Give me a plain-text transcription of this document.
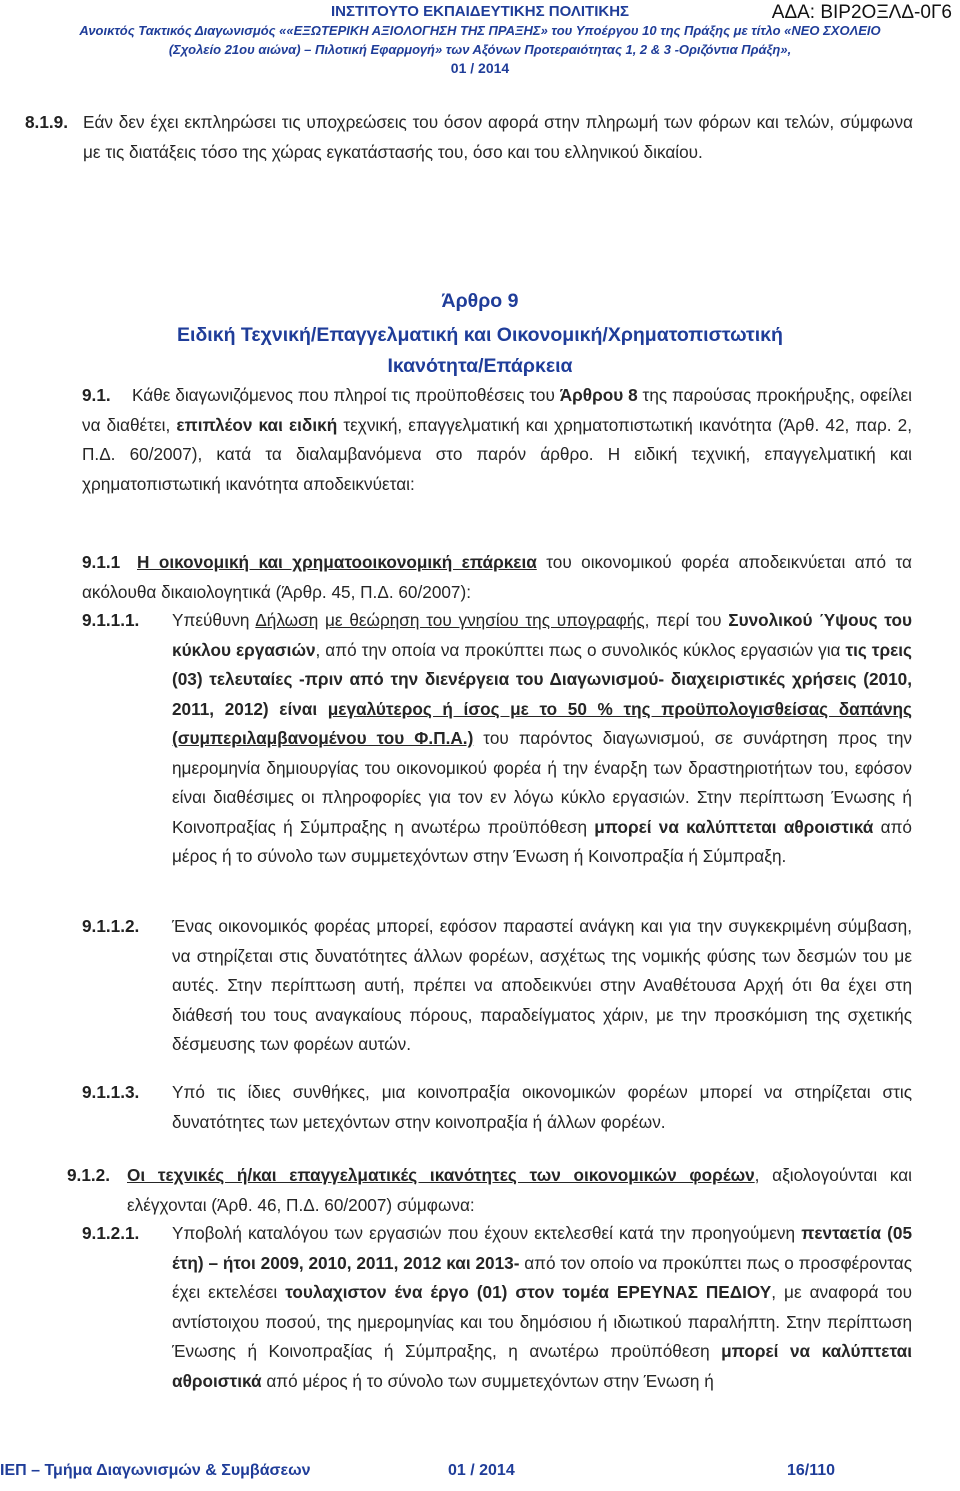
ΑΔΑ: ΒΙΡ2ΟΞΛΔ-0Γ6
ΙΝΣΤΙΤΟΥΤΟ ΕΚΠΑΙΔΕΥΤΙΚΗΣ ΠΟΛΙΤΙΚΗΣ
Ανοικτός Τακτικός Διαγωνισμός ««ΕΞΩΤΕΡΙΚΗ ΑΞΙΟΛΟΓΗΣΗ ΤΗΣ ΠΡΑΞΗΣ» του Υποέργου 10 της Πράξης με τίτλο «ΝΕΟ ΣΧΟΛΕΙΟ (Σχολείο 21ου αιώνα) – Πιλοτική Εφαρμογή» των Αξόνων Προτεραιότητας 1, 2 & 3 -Οριζόντια Πράξη»,
01 / 2014
8.1.9. Εάν δεν έχει εκπληρώσει τις υποχρεώσεις του όσον αφορά στην πληρωμή των φόρων και τελών, σύμφωνα με τις διατάξεις τόσο της χώρας εγκατάστασής του, όσο και του ελληνικού δικαίου.
Άρθρο 9
Ειδική Τεχνική/Επαγγελματική και Οικονομική/Χρηματοπιστωτική
Ικανότητα/Επάρκεια
9.1.	Κάθε διαγωνιζόμενος που πληροί τις προϋποθέσεις του Άρθρου 8 της παρούσας προκήρυξης, οφείλει να διαθέτει, επιπλέον και ειδική τεχνική, επαγγελματική και χρηματοπιστωτική ικανότητα (Άρθ. 42, παρ. 2, Π.Δ. 60/2007), κατά τα διαλαμβανόμενα στο παρόν άρθρο. Η ειδική τεχνική, επαγγελματική και χρηματοπιστωτική ικανότητα αποδεικνύεται:
9.1.1 Η οικονομική και χρηματοοικονομική επάρκεια του οικονομικού φορέα αποδεικνύεται από τα ακόλουθα δικαιολογητικά (Άρθρ. 45, Π.Δ. 60/2007):
9.1.1.1. Υπεύθυνη Δήλωση με θεώρηση του γνησίου της υπογραφής, περί του Συνολικού Ύψους του κύκλου εργασιών, από την οποία να προκύπτει πως ο συνολικός κύκλος εργασιών για τις τρεις (03) τελευταίες -πριν από την διενέργεια του Διαγωνισμού- διαχειριστικές χρήσεις (2010, 2011, 2012) είναι μεγαλύτερος ή ίσος με το 50 % της προϋπολογισθείσας δαπάνης (συμπεριλαμβανομένου του Φ.Π.Α.) του παρόντος διαγωνισμού, σε συνάρτηση προς την ημερομηνία δημιουργίας του οικονομικού φορέα ή την έναρξη των δραστηριοτήτων του, εφόσον είναι διαθέσιμες οι πληροφορίες για τον εν λόγω κύκλο εργασιών. Στην περίπτωση Ένωσης ή Κοινοπραξίας ή Σύμπραξης η ανωτέρω προϋπόθεση μπορεί να καλύπτεται αθροιστικά από μέρος ή το σύνολο των συμμετεχόντων στην Ένωση ή Κοινοπραξία ή Σύμπραξη.
9.1.1.2. Ένας οικονομικός φορέας μπορεί, εφόσον παραστεί ανάγκη και για την συγκεκριμένη σύμβαση, να στηρίζεται στις δυνατότητες άλλων φορέων, ασχέτως της νομικής φύσης των δεσμών του με αυτές. Στην περίπτωση αυτή, πρέπει να αποδεικνύει στην Αναθέτουσα Αρχή ότι θα έχει στη διάθεσή του τους αναγκαίους πόρους, παραδείγματος χάριν, με την προσκόμιση της σχετικής δέσμευσης των φορέων αυτών.
9.1.1.3. Υπό τις ίδιες συνθήκες, μια κοινοπραξία οικονομικών φορέων μπορεί να στηρίζεται στις δυνατότητες των μετεχόντων στην κοινοπραξία ή άλλων φορέων.
9.1.2. Οι τεχνικές ή/και επαγγελματικές ικανότητες των οικονομικών φορέων, αξιολογούνται και ελέγχονται (Άρθ. 46, Π.Δ. 60/2007) σύμφωνα:
9.1.2.1. Υποβολή καταλόγου των εργασιών που έχουν εκτελεσθεί κατά την προηγούμενη πενταετία (05 έτη) – ήτοι 2009, 2010, 2011, 2012 και 2013- από τον οποίο να προκύπτει πως ο προσφέροντας έχει εκτελέσει τουλαχιστον ένα έργο (01) στον τομέα ΕΡΕΥΝΑΣ ΠΕΔΙΟΥ, με αναφορά του αντίστοιχου ποσού, της ημερομηνίας και του δημόσιου ή ιδιωτικού παραλήπτη. Στην περίπτωση Ένωσης ή Κοινοπραξίας ή Σύμπραξης, η ανωτέρω προϋπόθεση μπορεί να καλύπτεται αθροιστικά από μέρος ή το σύνολο των συμμετεχόντων στην Ένωση ή
ΙΕΠ – Τμήμα Διαγωνισμών & Συμβάσεων	01 / 2014	16/110
